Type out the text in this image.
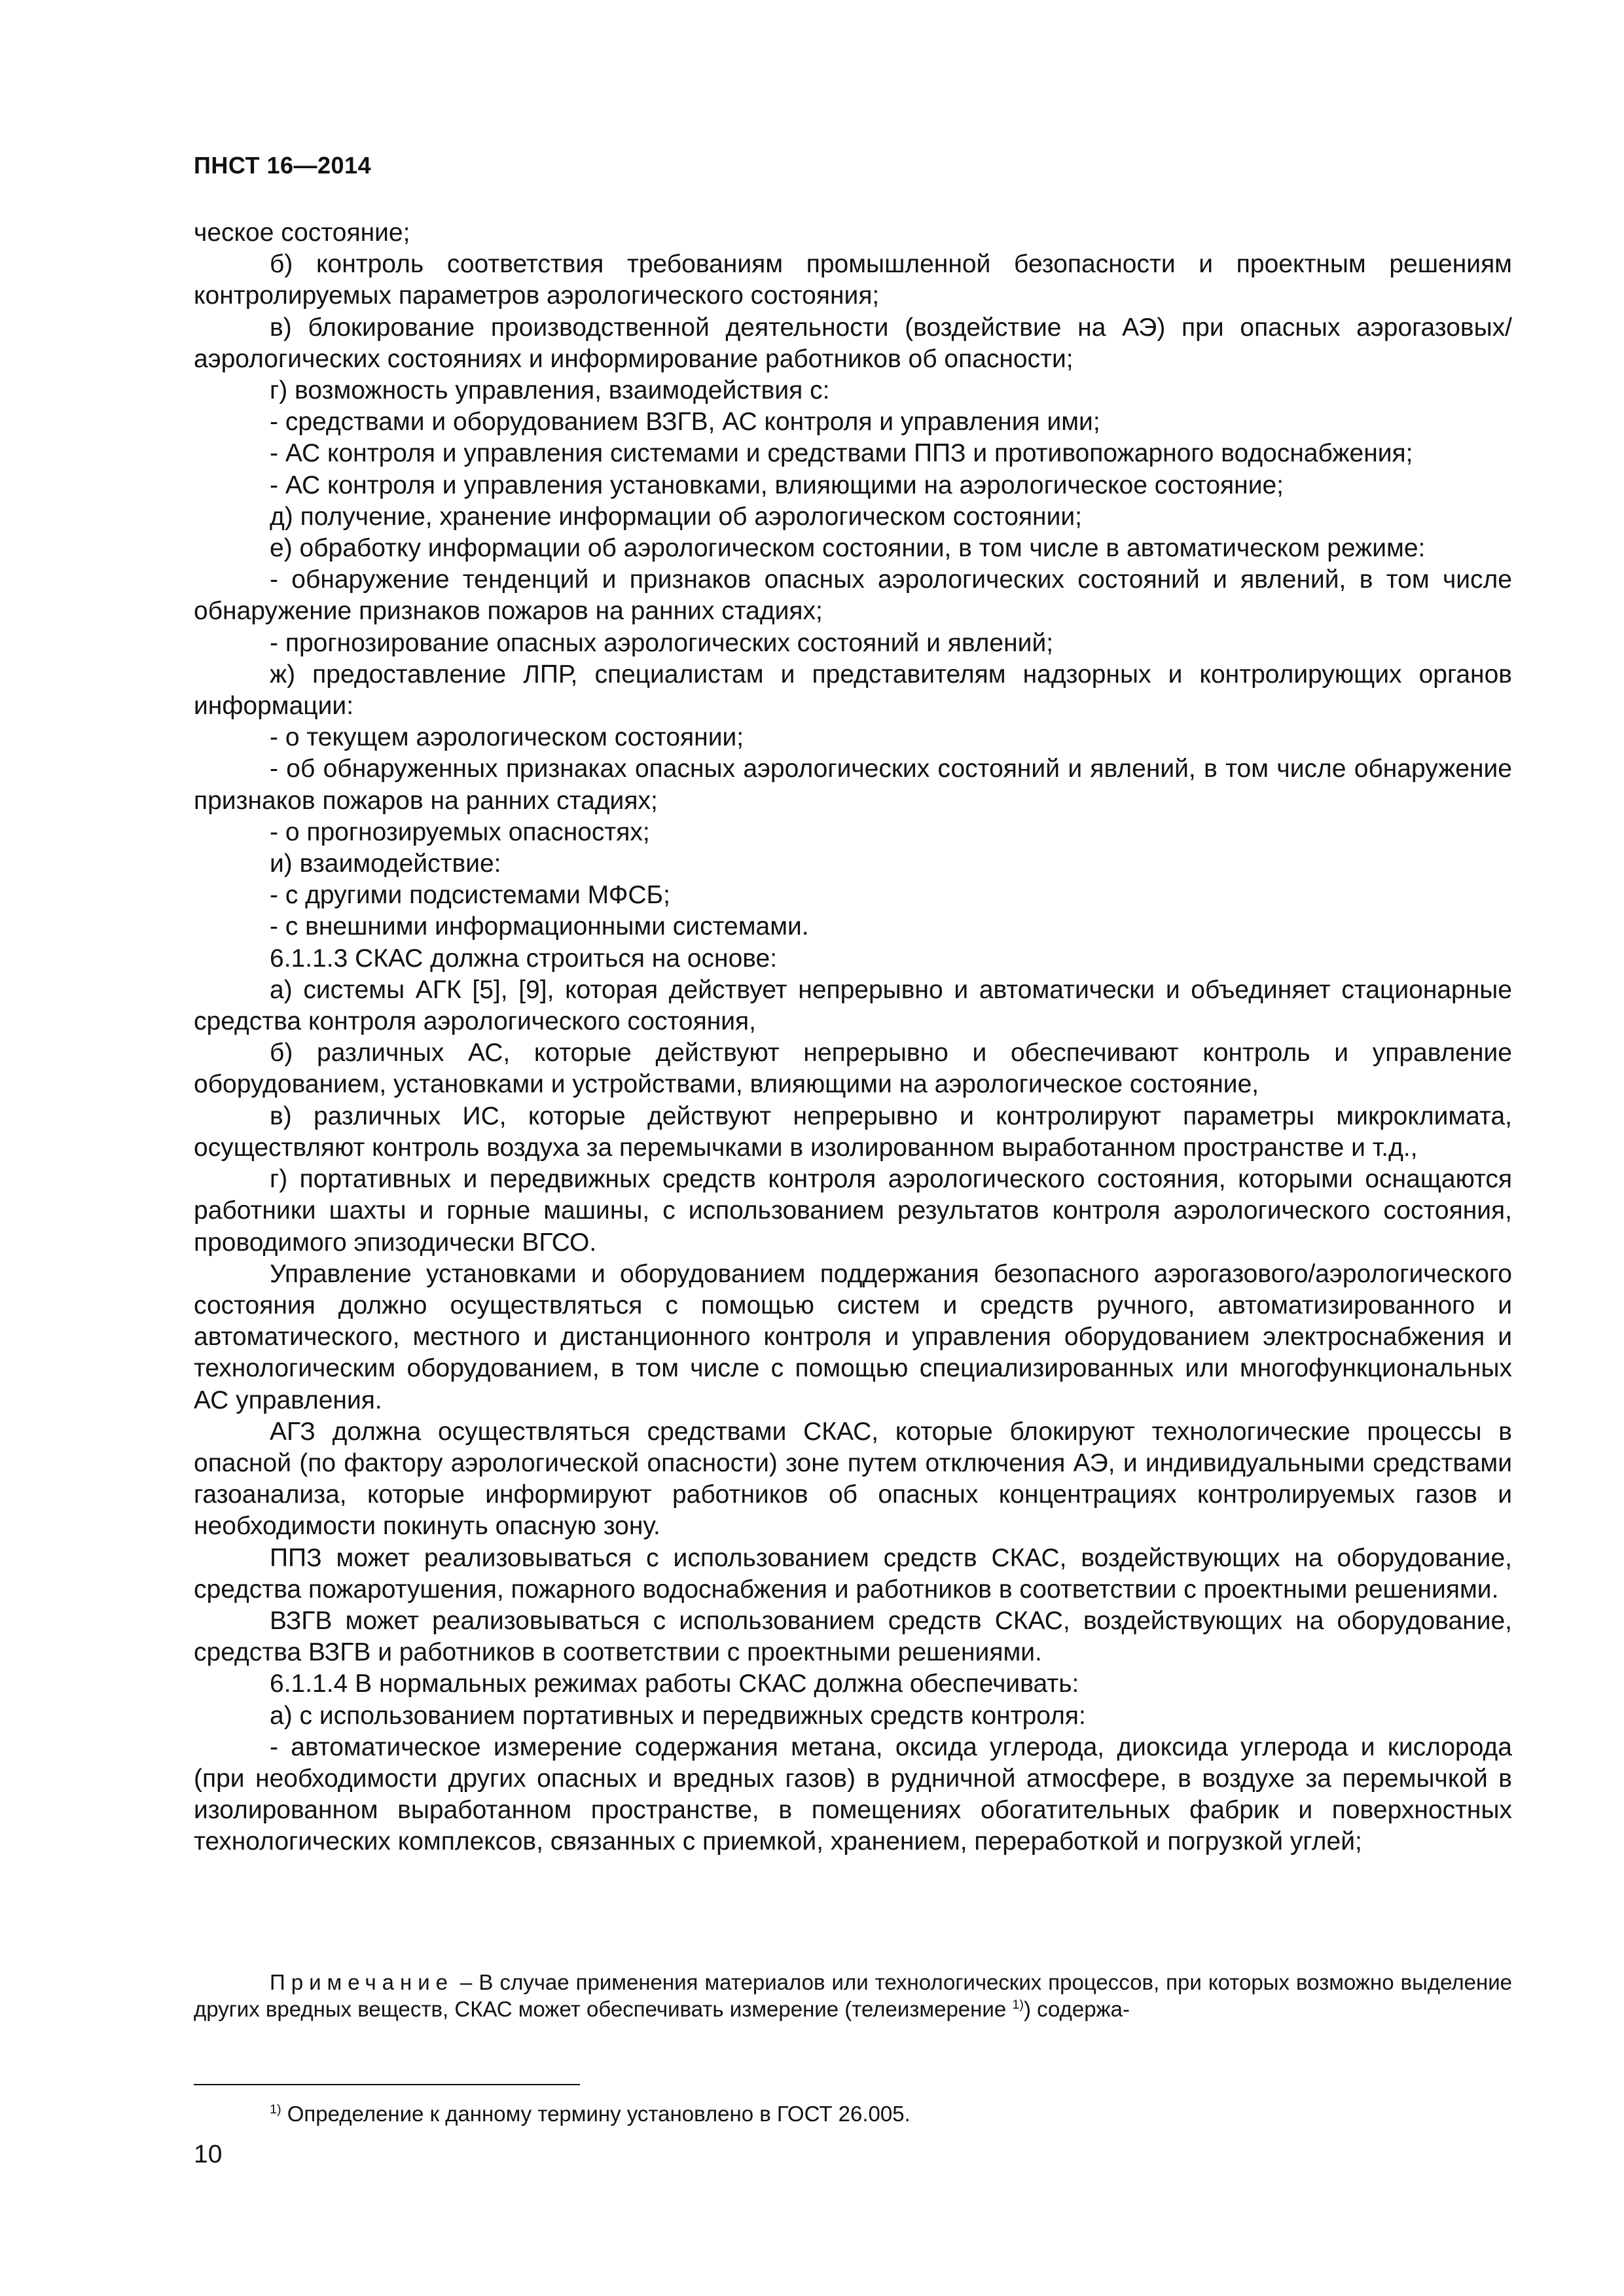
ПНСТ 16—2014

ческое состояние;

б) контроль соответствия требованиям промышленной безопасности и проектным решениям контролируемых параметров аэрологического состояния;

в) блокирование производственной деятельности (воздействие на АЭ) при опасных аэрогазовых/аэрологических состояниях и информирование работников об опасности;

г) возможность управления, взаимодействия с:

- средствами и оборудованием ВЗГВ, АС контроля и управления ими;

- АС контроля и управления системами и средствами ППЗ и противопожарного водоснабжения;

- АС контроля и управления установками, влияющими на аэрологическое состояние;

д) получение, хранение информации об аэрологическом состоянии;

е) обработку информации об аэрологическом состоянии, в том числе в автоматическом режиме:

- обнаружение тенденций и признаков опасных аэрологических состояний и явлений, в том числе обнаружение признаков пожаров на ранних стадиях;

- прогнозирование опасных аэрологических состояний и явлений;

ж) предоставление ЛПР, специалистам и представителям надзорных и контролирующих органов информации:

- о текущем аэрологическом состоянии;

- об обнаруженных признаках опасных аэрологических состояний и явлений, в том числе обнаружение признаков пожаров на ранних стадиях;

- о прогнозируемых опасностях;

и) взаимодействие:

- с другими подсистемами МФСБ;

- с внешними информационными системами.

6.1.1.3 СКАС должна строиться на основе:

а) системы АГК [5], [9], которая действует непрерывно и автоматически и объединяет стационарные средства контроля аэрологического состояния,

б) различных АС, которые действуют непрерывно и обеспечивают контроль и управление оборудованием, установками и устройствами, влияющими на аэрологическое состояние,

в) различных ИС, которые действуют непрерывно и контролируют параметры микроклимата, осуществляют контроль воздуха за перемычками в изолированном выработанном пространстве и т.д.,

г) портативных и передвижных средств контроля аэрологического состояния, которыми оснащаются работники шахты и горные машины, с использованием результатов контроля аэрологического состояния, проводимого эпизодически ВГСО.

Управление установками и оборудованием поддержания безопасного аэрогазового/аэрологического состояния должно осуществляться с помощью систем и средств ручного, автоматизированного и автоматического, местного и дистанционного контроля и управления оборудованием электроснабжения и технологическим оборудованием, в том числе с помощью специализированных или многофункциональных АС управления.

АГЗ должна осуществляться средствами СКАС, которые блокируют технологические процессы в опасной (по фактору аэрологической опасности) зоне путем отключения АЭ, и индивидуальными средствами газоанализа, которые информируют работников об опасных концентрациях контролируемых газов и необходимости покинуть опасную зону.

ППЗ может реализовываться с использованием средств СКАС, воздействующих на оборудование, средства пожаротушения, пожарного водоснабжения и работников в соответствии с проектными решениями.

ВЗГВ может реализовываться с использованием средств СКАС, воздействующих на оборудование, средства ВЗГВ и работников в соответствии с проектными решениями.

6.1.1.4 В нормальных режимах работы СКАС должна обеспечивать:

а) с использованием портативных и передвижных средств контроля:

- автоматическое измерение содержания метана, оксида углерода, диоксида углерода и кислорода (при необходимости других опасных и вредных газов) в рудничной атмосфере, в воздухе за перемычкой в изолированном выработанном пространстве, в помещениях обогатительных фабрик и поверхностных технологических комплексов, связанных с приемкой, хранением, переработкой и погрузкой углей;

Примечание – В случае применения материалов или технологических процессов, при которых возможно выделение других вредных веществ, СКАС может обеспечивать измерение (телеизмерение $^{1)}$) содержа-

$^{1)}$ Определение к данному термину установлено в ГОСТ 26.005.
10
